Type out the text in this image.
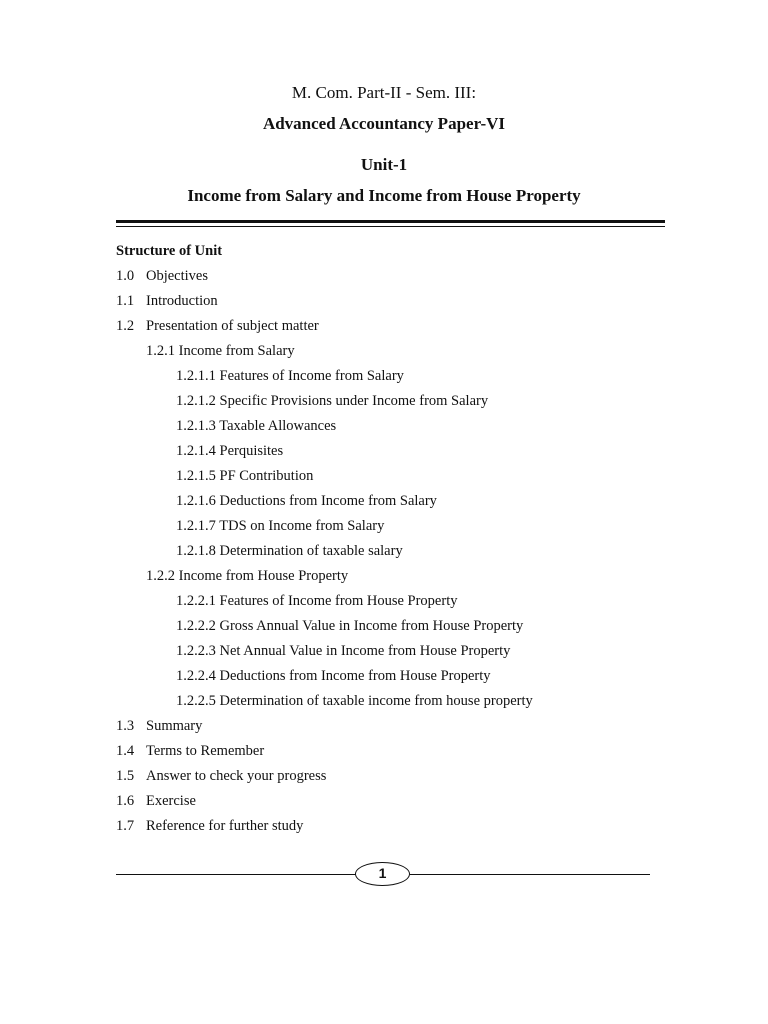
M. Com. Part-II - Sem. III:
Advanced Accountancy Paper-VI
Unit-1
Income from Salary and Income from House Property
Structure of Unit
1.0 Objectives
1.1 Introduction
1.2 Presentation of subject matter
1.2.1 Income from Salary
1.2.1.1 Features of Income from Salary
1.2.1.2 Specific Provisions under Income from Salary
1.2.1.3 Taxable Allowances
1.2.1.4 Perquisites
1.2.1.5 PF Contribution
1.2.1.6 Deductions from Income from Salary
1.2.1.7 TDS on Income from Salary
1.2.1.8 Determination of taxable salary
1.2.2 Income from House Property
1.2.2.1 Features of Income from House Property
1.2.2.2 Gross Annual Value in Income from House Property
1.2.2.3 Net Annual Value in Income from House Property
1.2.2.4 Deductions from Income from House Property
1.2.2.5 Determination of taxable income from house property
1.3 Summary
1.4 Terms to Remember
1.5 Answer to check your progress
1.6 Exercise
1.7 Reference for further study
1
